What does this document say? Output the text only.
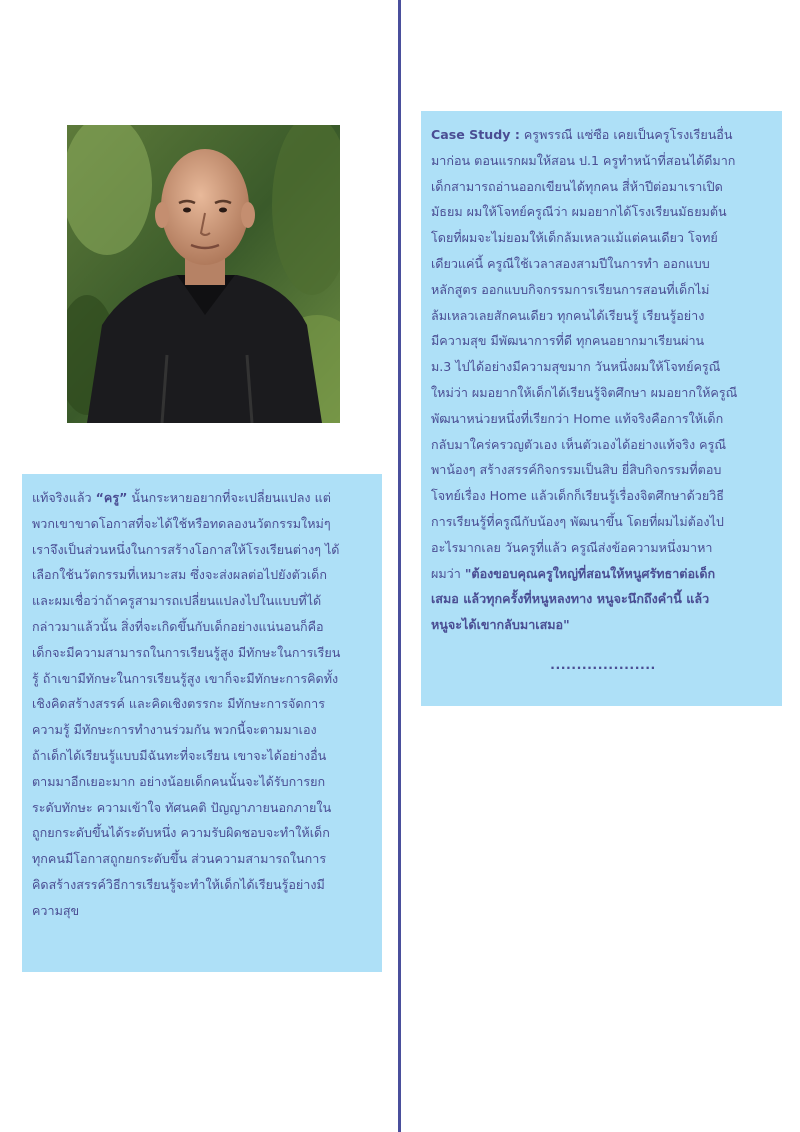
แท้จริงแล้ว “ครู” นั้นกระหายอยากที่จะเปลี่ยนแปลง แต่
พวกเขาขาดโอกาสที่จะได้ใช้หรือทดลองนวัตกรรมใหม่ๆ
เราจึงเป็นส่วนหนึ่งในการสร้างโอกาสให้โรงเรียนต่างๆ ได้
เลือกใช้นวัตกรรมที่เหมาะสม ซึ่งจะส่งผลต่อไปยังตัวเด็ก
และผมเชื่อว่าถ้าครูสามารถเปลี่ยนแปลงไปในแบบที่ได้
กล่าวมาแล้วนั้น สิ่งที่จะเกิดขึ้นกับเด็กอย่างแน่นอนก็คือ
เด็กจะมีความสามารถในการเรียนรู้สูง มีทักษะในการเรียน
รู้ ถ้าเขามีทักษะในการเรียนรู้สูง เขาก็จะมีทักษะการคิดทั้ง
เชิงคิดสร้างสรรค์ และคิดเชิงตรรกะ มีทักษะการจัดการ
ความรู้ มีทักษะการทำงานร่วมกัน พวกนี้จะตามมาเอง
ถ้าเด็กได้เรียนรู้แบบมีฉันทะที่จะเรียน เขาจะได้อย่างอื่น
ตามมาอีกเยอะมาก อย่างน้อยเด็กคนนั้นจะได้รับการยก
ระดับทักษะ ความเข้าใจ ทัศนคติ ปัญญาภายนอกภายใน
ถูกยกระดับขึ้นได้ระดับหนึ่ง ความรับผิดชอบจะทำให้เด็ก
ทุกคนมีโอกาสถูกยกระดับขึ้น ส่วนความสามารถในการ
คิดสร้างสรรค์วิธีการเรียนรู้จะทำให้เด็กได้เรียนรู้อย่างมี
ความสุข

Case Study : ครูพรรณี แซ่ซือ เคยเป็นครูโรงเรียนอื่น
มาก่อน ตอนแรกผมให้สอน ป.1 ครูทำหน้าที่สอนได้ดีมาก
เด็กสามารถอ่านออกเขียนได้ทุกคน สี่ห้าปีต่อมาเราเปิด
มัธยม ผมให้โจทย์ครูณีว่า ผมอยากได้โรงเรียนมัธยมต้น
โดยที่ผมจะไม่ยอมให้เด็กล้มเหลวแม้แต่คนเดียว โจทย์
เดียวแค่นี้ ครูณีใช้เวลาสองสามปีในการทำ ออกแบบ
หลักสูตร ออกแบบกิจกรรมการเรียนการสอนที่เด็กไม่
ล้มเหลวเลยสักคนเดียว ทุกคนได้เรียนรู้ เรียนรู้อย่าง
มีความสุข มีพัฒนาการที่ดี ทุกคนอยากมาเรียนผ่าน
ม.3 ไปได้อย่างมีความสุขมาก วันหนึ่งผมให้โจทย์ครูณี
ใหม่ว่า ผมอยากให้เด็กได้เรียนรู้จิตศึกษา ผมอยากให้ครูณี
พัฒนาหน่วยหนึ่งที่เรียกว่า Home แท้จริงคือการให้เด็ก
กลับมาใคร่ครวญตัวเอง เห็นตัวเองได้อย่างแท้จริง ครูณี
พาน้องๆ สร้างสรรค์กิจกรรมเป็นสิบ ยี่สิบกิจกรรมที่ตอบ
โจทย์เรื่อง Home แล้วเด็กก็เรียนรู้เรื่องจิตศึกษาด้วยวิธี
การเรียนรู้ที่ครูณีกับน้องๆ พัฒนาขึ้น โดยที่ผมไม่ต้องไป
อะไรมากเลย วันครูที่แล้ว ครูณีส่งข้อความหนึ่งมาหา
ผมว่า "ต้องขอบคุณครูใหญ่ที่สอนให้หนูศรัทธาต่อเด็ก
เสมอ แล้วทุกครั้งที่หนูหลงทาง หนูจะนึกถึงคำนี้ แล้ว
หนูจะได้เขากลับมาเสมอ"

....................
